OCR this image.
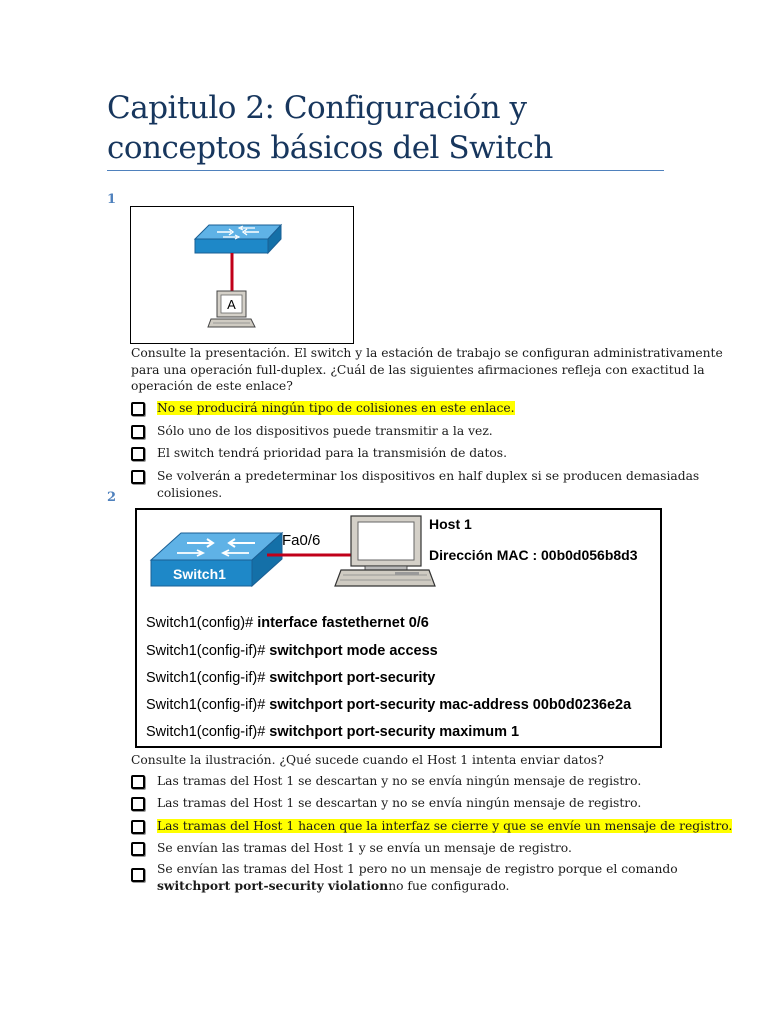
Capitulo 2: Configuración y conceptos básicos del Switch
1
A
Consulte la presentación. El switch y la estación de trabajo se configuran administrativamente para una operación full-duplex. ¿Cuál de las siguientes afirmaciones refleja con exactitud la operación de este enlace?
No se producirá ningún tipo de colisiones en este enlace.
Sólo uno de los dispositivos puede transmitir a la vez.
El switch tendrá prioridad para la transmisión de datos.
Se volverán a predeterminar los dispositivos en half duplex si se producen demasiadas colisiones.
2
Switch1
Fa0/6
Host 1
Dirección MAC : 00b0d056b8d3
Switch1(config)# interface fastethernet 0/6
Switch1(config-if)# switchport mode access
Switch1(config-if)# switchport port-security
Switch1(config-if)# switchport port-security mac-address 00b0d0236e2a
Switch1(config-if)# switchport port-security maximum 1
Consulte la ilustración. ¿Qué sucede cuando el Host 1 intenta enviar datos?
Las tramas del Host 1 se descartan y no se envía ningún mensaje de registro.
Las tramas del Host 1 se descartan y no se envía ningún mensaje de registro.
Las tramas del Host 1 hacen que la interfaz se cierre y que se envíe un mensaje de registro.
Se envían las tramas del Host 1 y se envía un mensaje de registro.
Se envían las tramas del Host 1 pero no un mensaje de registro porque el comando switchport port-security violationno fue configurado.
